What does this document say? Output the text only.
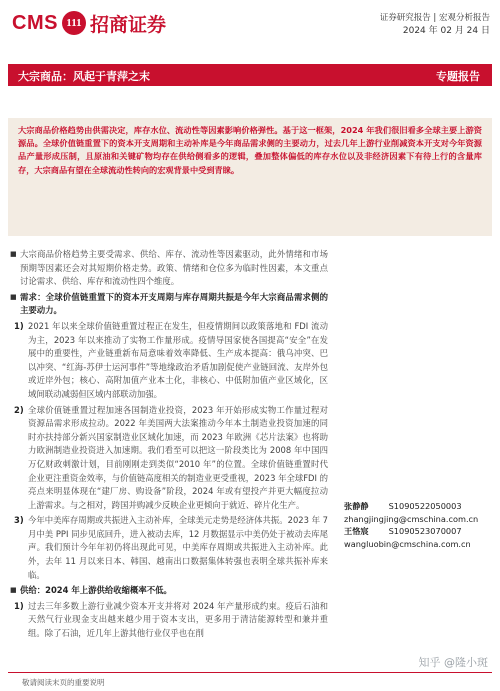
CMS 111 招商证券	证券研究报告 | 宏观分析报告
2024 年 02 月 24 日
大宗商品：风起于青萍之末	专题报告

大宗商品价格趋势由供需决定，库存水位、流动性等因素影响价格弹性。基于这一框架，2024 年我们很旧看多全球主要上游资源品。全球价值链重置下的资本开支周期和主动补库是今年商品需求侧的主要动力，过去几年上游行业削减资本开支对今年资源品产量形成压制，且原油和关键矿物均存在供给侧看多的逻辑，叠加整体偏低的库存水位以及非经济因素下有待上行的含量库存，大宗商品有望在全球流动性转向的宏观背景中受到青睐。

■ 大宗商品价格趋势主要受需求、供给、库存、流动性等因素驱动，此外情绪和市场预期等因素还会对其短期价格走势。政策、情绪和仓位多为临时性因素，本文重点讨论需求、供给、库存和流动性四个维度。
■ 需求：全球价值链重置下的资本开支周期与库存周期共振是今年大宗商品需求侧的主要动力。
1) 2021 年以来全球价值链重置过程正在发生，但疫情期间以政策落地和 FDI 流动为主，2023 年以来推动了实物工作量形成。疫情导国家使各国提高“安全”在发展中的重要性，产业链重新布局意味着效率降低、生产成本提高：俄乌冲突、巴以冲突、“红海-苏伊士运河事件”等地缘政治矛盾加剧促使产业链回流、友岸外包或近岸外包；核心、高附加值产业本土化，非核心、中低附加值产业区域化，区域间联动减弱但区域内部联动加强。
2) 全球价值链重置过程加速各国制造业投资，2023 年开始形成实物工作量过程对资源品需求形成拉动。2022 年美国两大法案推动今年本土制造业投资加速的同时亦扶持部分新兴国家制造业区域化加速，而 2023 年欧洲《芯片法案》也将助力欧洲制造业投资进入加速期。我们看至可以把这一阶段类比为 2008 年中国四万亿财政刺激计划，目前刚刚走到类似“2010 年”的位置。全球价值链重置时代企业更注重资金效率，与价值链高度相关的制造业更受重视，2023 年全球FDI 的亮点来明显体现在“建厂房、购设备”阶段，2024 年或有望投产并更大幅度拉动上游需求。与之相对，跨国并购减少反映企业更倾向于就近、碎片化生产。
3) 今年中美库存周期或共振进入主动补库，全球美元走势是经济体共振。2023 年 7 月中美 PPI 同步见底回升，进入被动去库，12 月数据显示中美仍处于被动去库尾声。我们预计今年年初仍将出现此可见，中美库存周期或共振进入主动补库。此外，去年 11 月以来日本、韩国、越南出口数据集体转强也表明全球共振补库来临。
■ 供给：2024 年上游供给收缩概率不低。
1) 过去三年多数上游行业减少资本开支并将对 2024 年产量形成约束。疫后石油和天然气行业现金支出越来越少用于资本支出，更多用于清洁能源转型和兼并重组。除了石油，近几年上游其他行业仅乎也在削
张静静 S1090522050003
zhangjingjing@cmschina.com.cn
王恪宸 S1090523070007
wangluobin@cmschina.com.cn
知乎 @隆小斑
敬请阅读末页的重要说明
